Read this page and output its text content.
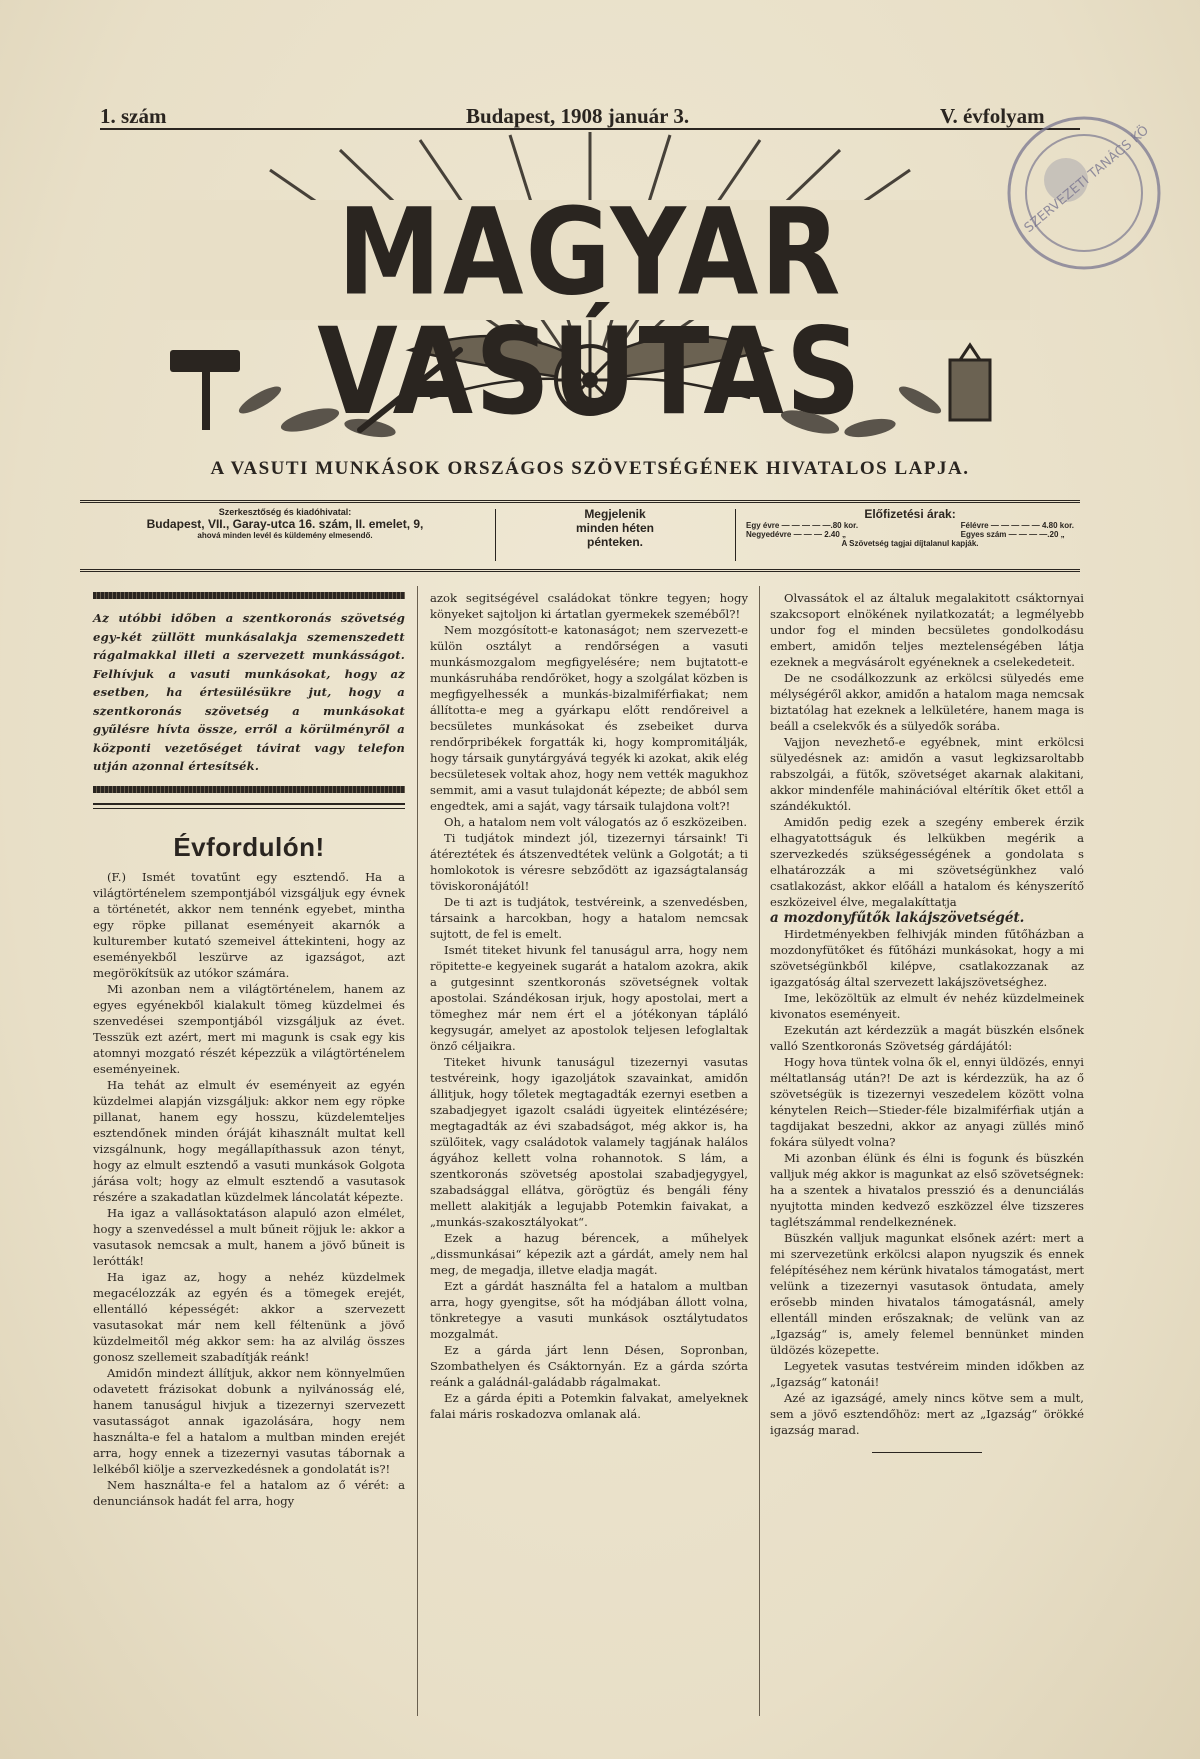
1. szám	Budapest, 1908 január 3.	V. évfolyam
MAGYAR VASÚTAS
SZERVEZETI TANÁCS KÖ
A VASUTI MUNKÁSOK ORSZÁGOS SZÖVETSÉGÉNEK HIVATALOS LAPJA.
Szerkesztőség és kiadóhivatal:
Budapest, VII., Garay-utca 16. szám, II. emelet, 9,
ahová minden levél és küldemény elmesendő.
Megjelenik
minden héten
pénteken.
Előfizetési árak:
Egy évre — — — — —.80 kor.
Negyedévre — — — 2.40 „
Félévre — — — — — 4.80 kor.
Egyes szám — — — —.20 „
A Szövetség tagjai díjtalanul kapják.
Az utóbbi időben a szentkoronás szövetség egy-két züllött munkásalakja szemenszedett rágalmakkal illeti a szervezett munkásságot. Felhívjuk a vasuti munkásokat, hogy az esetben, ha értesülésükre jut, hogy a szentkoronás szövetség a munkásokat gyűlésre hívta össze, erről a körülményről a központi vezetőséget távirat vagy telefon utján azonnal értesítsék.
Évfordulón!

(F.) Ismét tovatűnt egy esztendő. Ha a világtörténelem szempontjából vizsgáljuk egy évnek a történetét, akkor nem tennénk egyebet, mintha egy röpke pillanat eseményeit akarnók a kulturember kutató szemeivel áttekinteni, hogy az eseményekből leszürve az igazságot, azt megörökítsük az utókor számára.

Mi azonban nem a világtörténelem, hanem az egyes egyénekből kialakult tömeg küzdelmei és szenvedései szempontjából vizsgáljuk az évet. Tesszük ezt azért, mert mi magunk is csak egy kis atomnyi mozgató részét képezzük a világtörténelem eseményeinek.

Ha tehát az elmult év eseményeit az egyén küzdelmei alapján vizsgáljuk: akkor nem egy röpke pillanat, hanem egy hosszu, küzdelemteljes esztendőnek minden óráját kihasznált multat kell vizsgálnunk, hogy megállapíthassuk azon tényt, hogy az elmult esztendő a vasuti munkások Golgota járása volt; hogy az elmult esztendő a vasutasok részére a szakadatlan küzdelmek láncolatát képezte.

Ha igaz a vallásoktatáson alapuló azon elmélet, hogy a szenvedéssel a mult bűneit röjjuk le: akkor a vasutasok nemcsak a mult, hanem a jövő bűneit is lerótták!

Ha igaz az, hogy a nehéz küzdelmek megacélozzák az egyén és a tömegek erejét, ellentálló képességét: akkor a szervezett vasutasokat már nem kell féltenünk a jövő küzdelmeitől még akkor sem: ha az alvilág összes gonosz szellemeit szabadítják reánk!

Amidőn mindezt állítjuk, akkor nem könnyelműen odavetett frázisokat dobunk a nyilvánosság elé, hanem tanuságul hivjuk a tizezernyi szervezett vasutasságot annak igazolására, hogy nem használta-e fel a hatalom a multban minden erejét arra, hogy ennek a tizezernyi vasutas tábornak a lelkéből kiölje a szervezkedésnek a gondolatát is?!

Nem használta-e fel a hatalom az ő vérét: a denunciánsok hadát fel arra, hogy

azok segitségével családokat tönkre tegyen; hogy könyeket sajtoljon ki ártatlan gyermekek szeméből?!

Nem mozgósított-e katonaságot; nem szervezett-e külön osztályt a rendőrségen a vasuti munkásmozgalom megfigyelésére; nem bujtatott-e munkásruhába rendőröket, hogy a szolgálat közben is megfigyelhessék a munkás-bizalmiférfiakat; nem állította-e meg a gyárkapu előtt rendőreivel a becsületes munkásokat és zsebeiket durva rendőrpribékek forgatták ki, hogy kompromitálják, hogy társaik gunytárgyává tegyék ki azokat, akik elég becsületesek voltak ahoz, hogy nem vették magukhoz semmit, ami a vasut tulajdonát képezte; de abból sem engedtek, ami a saját, vagy társaik tulajdona volt?!

Oh, a hatalom nem volt válogatós az ő eszközeiben.

Ti tudjátok mindezt jól, tizezernyi társaink! Ti átéreztétek és átszenvedtétek velünk a Golgotát; a ti homlokotok is véresre sebződött az igazságtalanság töviskoronájától!

De ti azt is tudjátok, testvéreink, a szenvedésben, társaink a harcokban, hogy a hatalom nemcsak sujtott, de fel is emelt.

Ismét titeket hivunk fel tanuságul arra, hogy nem röpitette-e kegyeinek sugarát a hatalom azokra, akik a gutgesinnt szentkoronás szövetségnek voltak apostolai. Szándékosan irjuk, hogy apostolai, mert a tömeghez már nem ért el a jótékonyan tápláló kegysugár, amelyet az apostolok teljesen lefoglaltak önző céljaikra.

Titeket hivunk tanuságul tizezernyi vasutas testvéreink, hogy igazoljátok szavainkat, amidőn állitjuk, hogy tőletek megtagadták ezernyi esetben a szabadjegyet igazolt családi ügyeitek elintézésére; megtagadták az évi szabadságot, még akkor is, ha szülőitek, vagy családotok valamely tagjának halálos ágyához kellett volna rohannotok. S lám, a szentkoronás szövetség apostolai szabadjegygyel, szabadsággal ellátva, görögtüz és bengáli fény mellett alakitják a legujabb Potemkin faivakat, a „munkás-szakosztályokat“.

Ezek a hazug bérencek, a műhelyek „dissmunkásai“ képezik azt a gárdát, amely nem hal meg, de megadja, illetve eladja magát.

Ezt a gárdát használta fel a hatalom a multban arra, hogy gyengitse, sőt ha módjában állott volna, tönkretegye a vasuti munkások osztálytudatos mozgalmát.

Ez a gárda járt lenn Désen, Sopronban, Szombathelyen és Csáktornyán. Ez a gárda szórta reánk a galádnál-galádabb rágalmakat.

Ez a gárda épiti a Potemkin falvakat, amelyeknek falai máris roskadozva omlanak alá.

Olvassátok el az általuk megalakitott csáktornyai szakcsoport elnökének nyilatkozatát; a legmélyebb undor fog el minden becsületes gondolkodásu embert, amidőn teljes meztelenségében látja ezeknek a megvásárolt egyéneknek a cselekedeteit.

De ne csodálkozzunk az erkölcsi sülyedés eme mélységéről akkor, amidőn a hatalom maga nemcsak biztatólag hat ezeknek a lelkületére, hanem maga is beáll a cselekvők és a sülyedők sorába.

Vajjon nevezhető-e egyébnek, mint erkölcsi sülyedésnek az: amidőn a vasut legkizsaroltabb rabszolgái, a fütők, szövetséget akarnak alakitani, akkor mindenféle mahinációval eltérítik őket ettől a szándékuktól.

Amidőn pedig ezek a szegény emberek érzik elhagyatottságuk és lelkükben megérik a szervezkedés szükségességének a gondolata s elhatározzák a mi szövetségünkhez való csatlakozást, akkor előáll a hatalom és kényszerítő eszközeivel élve, megalakíttatja

a mozdonyfűtők lakájszövetségét.

Hirdetményekben felhivják minden fűtőházban a mozdonyfütőket és fűtőházi munkásokat, hogy a mi szövetségünkből kilépve, csatlakozzanak az igazgatóság által szervezett lakájszövetséghez.

Ime, leközöltük az elmult év nehéz küzdelmeinek kivonatos eseményeit.

Ezekután azt kérdezzük a magát büszkén elsőnek valló Szentkoronás Szövetség gárdájától:

Hogy hova tüntek volna ők el, ennyi üldözés, ennyi méltatlanság után?! De azt is kérdezzük, ha az ő szövetségük is tizezernyi veszedelem között volna kénytelen Reich—Stieder-féle bizalmiférfiak utján a tagdijakat beszedni, akkor az anyagi züllés minő fokára sülyedt volna?

Mi azonban élünk és élni is fogunk és büszkén valljuk még akkor is magunkat az első szövetségnek: ha a szentek a hivatalos presszió és a denunciálás nyujtotta minden kedvező eszközzel élve tizszeres taglétszámmal rendelkeznének.

Büszkén valljuk magunkat elsőnek azért: mert a mi szervezetünk erkölcsi alapon nyugszik és ennek felépítéséhez nem kérünk hivatalos támogatást, mert velünk a tizezernyi vasutasok öntudata, amely erősebb minden hivatalos támogatásnál, amely ellentáll minden erőszaknak; de velünk van az „Igazság“ is, amely felemel bennünket minden üldözés közepette.

Legyetek vasutas testvéreim minden időkben az „Igazság“ katonái!

Azé az igazságé, amely nincs kötve sem a mult, sem a jövő esztendőhöz: mert az „Igazság“ örökké igazság marad.
